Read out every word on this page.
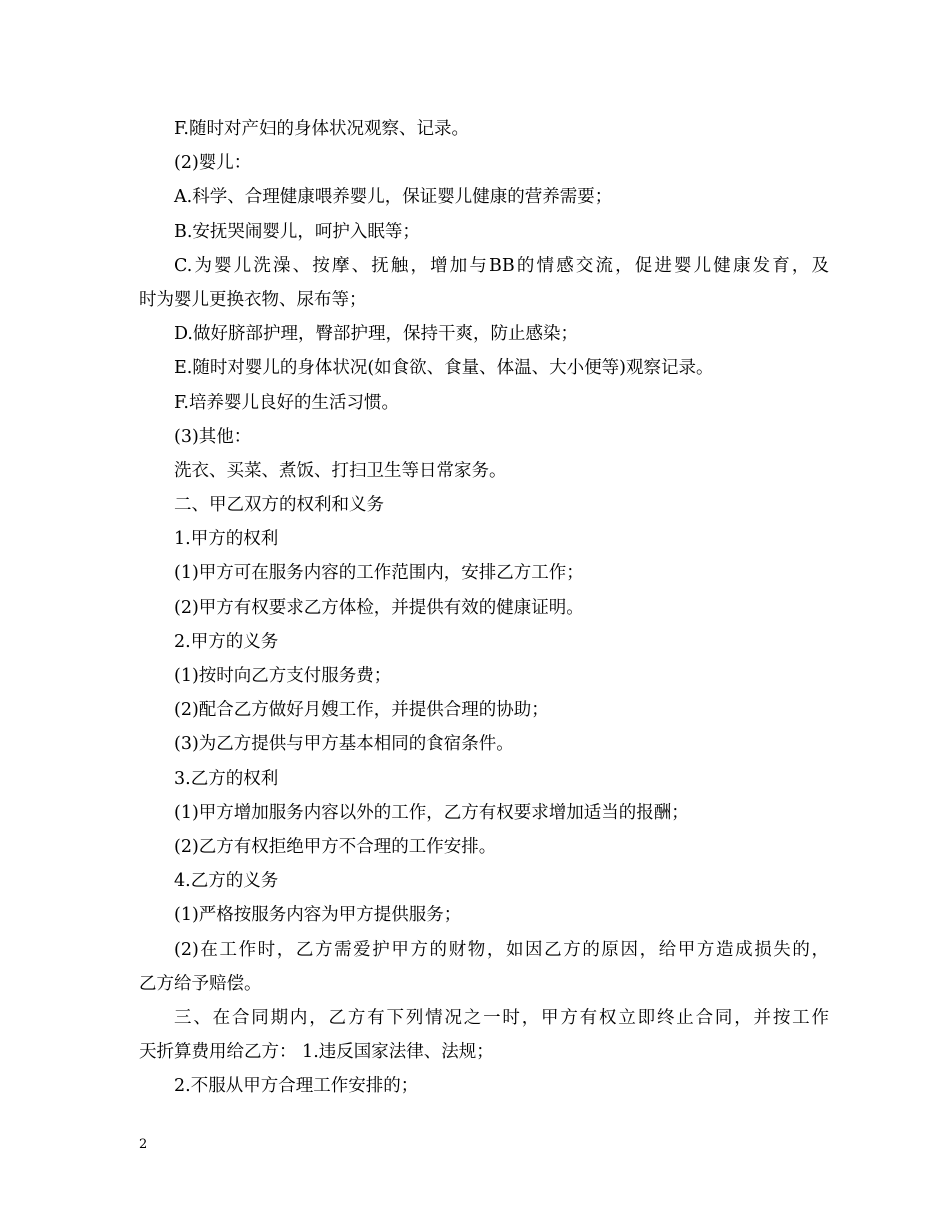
F.随时对产妇的身体状况观察、记录。
(2)婴儿：
A.科学、合理健康喂养婴儿，保证婴儿健康的营养需要；
B.安抚哭闹婴儿，呵护入眠等；
C.为婴儿洗澡、按摩、抚触，增加与BB的情感交流，促进婴儿健康发育，及
时为婴儿更换衣物、尿布等；
D.做好脐部护理，臀部护理，保持干爽，防止感染；
E.随时对婴儿的身体状况(如食欲、食量、体温、大小便等)观察记录。
F.培养婴儿良好的生活习惯。
(3)其他：
洗衣、买菜、煮饭、打扫卫生等日常家务。
二、甲乙双方的权利和义务
1.甲方的权利
(1)甲方可在服务内容的工作范围内，安排乙方工作；
(2)甲方有权要求乙方体检，并提供有效的健康证明。
2.甲方的义务
(1)按时向乙方支付服务费；
(2)配合乙方做好月嫂工作，并提供合理的协助；
(3)为乙方提供与甲方基本相同的食宿条件。
3.乙方的权利
(1)甲方增加服务内容以外的工作，乙方有权要求增加适当的报酬；
(2)乙方有权拒绝甲方不合理的工作安排。
4.乙方的义务
(1)严格按服务内容为甲方提供服务；
(2)在工作时，乙方需爱护甲方的财物，如因乙方的原因，给甲方造成损失的，
乙方给予赔偿。
三、在合同期内，乙方有下列情况之一时，甲方有权立即终止合同，并按工作
天折算费用给乙方： 1.违反国家法律、法规；
2.不服从甲方合理工作安排的；
2
